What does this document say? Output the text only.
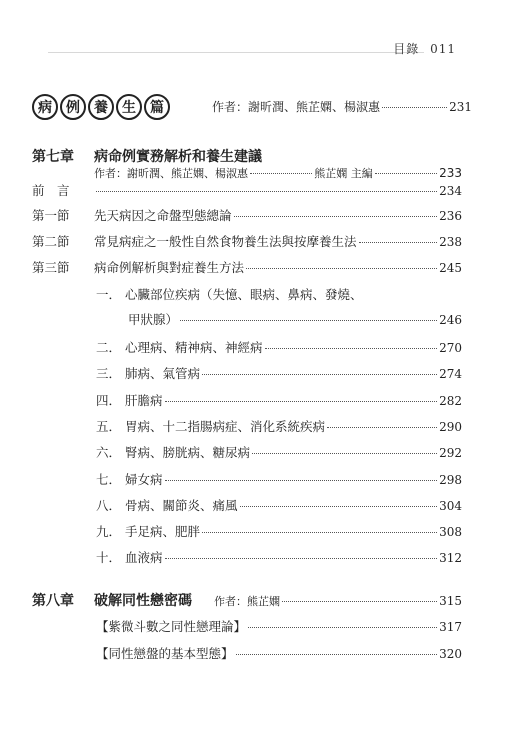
目錄 011
病	例	養	生	篇	作者：謝昕潤、熊芷嫻、楊淑惠	231
第七章	病命例實務解析和養生建議
作者：謝昕潤、熊芷嫻、楊淑惠	熊芷嫻 主編	233
前　言	234
第一節	先天病因之命盤型態總論	236
第二節	常見病症之一般性自然食物養生法與按摩養生法	238
第三節	病命例解析與對症養生方法	245
一． 心臟部位疾病（失憶、眼病、鼻病、發燒、
甲狀腺）	246
二． 心理病、精神病、神經病	270
三． 肺病、氣管病	274
四． 肝膽病	282
五． 胃病、十二指腸病症、消化系統疾病	290
六． 腎病、膀胱病、糖尿病	292
七． 婦女病	298
八． 骨病、關節炎、痛風	304
九． 手足病、肥胖	308
十． 血液病	312
第八章	破解同性戀密碼 作者：熊芷嫻	315
【紫微斗數之同性戀理論】	317
【同性戀盤的基本型態】	320
